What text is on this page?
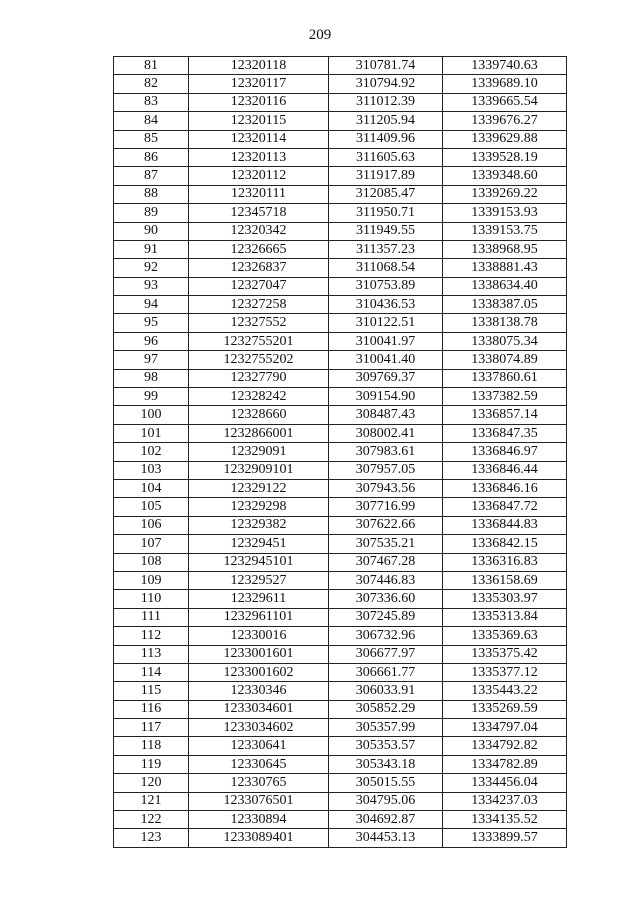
209
81	12320118	310781.74	1339740.63
82	12320117	310794.92	1339689.10
83	12320116	311012.39	1339665.54
84	12320115	311205.94	1339676.27
85	12320114	311409.96	1339629.88
86	12320113	311605.63	1339528.19
87	12320112	311917.89	1339348.60
88	12320111	312085.47	1339269.22
89	12345718	311950.71	1339153.93
90	12320342	311949.55	1339153.75
91	12326665	311357.23	1338968.95
92	12326837	311068.54	1338881.43
93	12327047	310753.89	1338634.40
94	12327258	310436.53	1338387.05
95	12327552	310122.51	1338138.78
96	1232755201	310041.97	1338075.34
97	1232755202	310041.40	1338074.89
98	12327790	309769.37	1337860.61
99	12328242	309154.90	1337382.59
100	12328660	308487.43	1336857.14
101	1232866001	308002.41	1336847.35
102	12329091	307983.61	1336846.97
103	1232909101	307957.05	1336846.44
104	12329122	307943.56	1336846.16
105	12329298	307716.99	1336847.72
106	12329382	307622.66	1336844.83
107	12329451	307535.21	1336842.15
108	1232945101	307467.28	1336316.83
109	12329527	307446.83	1336158.69
110	12329611	307336.60	1335303.97
111	1232961101	307245.89	1335313.84
112	12330016	306732.96	1335369.63
113	1233001601	306677.97	1335375.42
114	1233001602	306661.77	1335377.12
115	12330346	306033.91	1335443.22
116	1233034601	305852.29	1335269.59
117	1233034602	305357.99	1334797.04
118	12330641	305353.57	1334792.82
119	12330645	305343.18	1334782.89
120	12330765	305015.55	1334456.04
121	1233076501	304795.06	1334237.03
122	12330894	304692.87	1334135.52
123	1233089401	304453.13	1333899.57
